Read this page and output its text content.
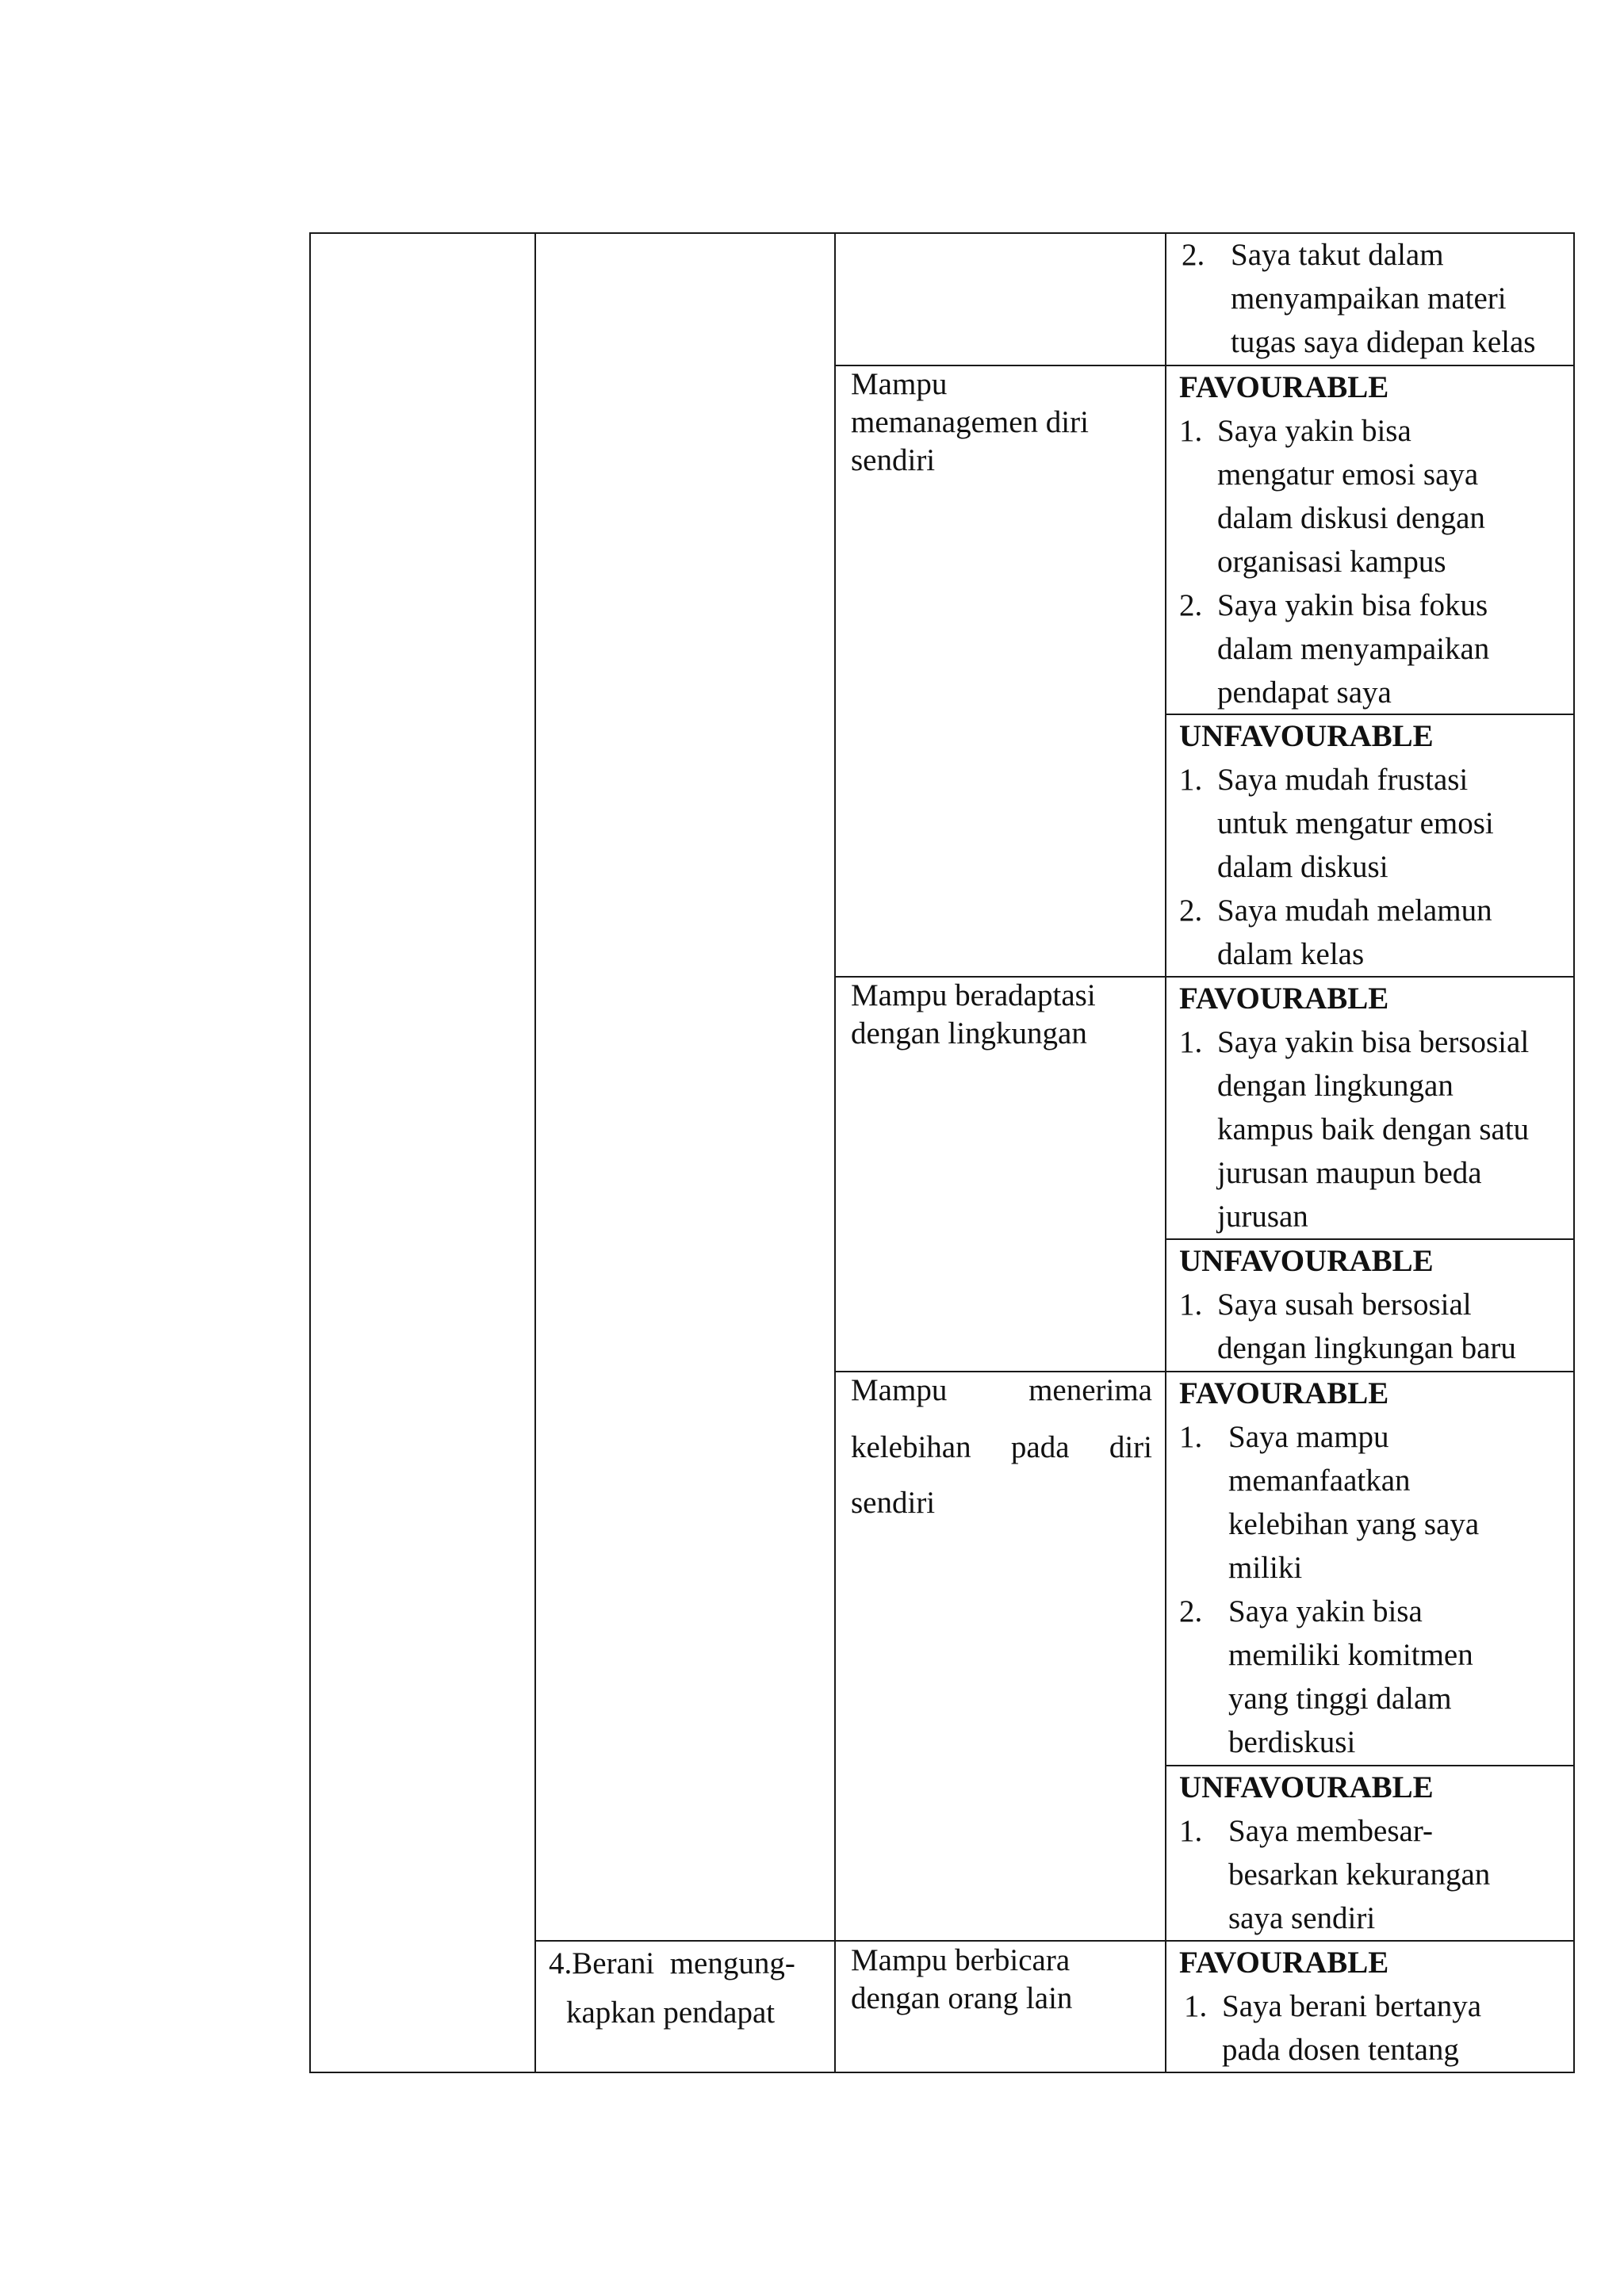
2. Saya takut dalam
menyampaikan materi
tugas saya didepan kelas
Mampu
memanagemen diri
sendiri
FAVOURABLE
1. Saya yakin bisa
mengatur emosi saya
dalam diskusi dengan
organisasi kampus
2. Saya yakin bisa fokus
dalam menyampaikan
pendapat saya
UNFAVOURABLE
1. Saya mudah frustasi
untuk mengatur emosi
dalam diskusi
2. Saya mudah melamun
dalam kelas
Mampu beradaptasi
dengan lingkungan
FAVOURABLE
1. Saya yakin bisa bersosial
dengan lingkungan
kampus baik dengan satu
jurusan maupun beda
jurusan
UNFAVOURABLE
1. Saya susah bersosial
dengan lingkungan baru
Mampu	menerima
kelebihan pada diri
sendiri
FAVOURABLE
1. Saya mampu
memanfaatkan
kelebihan yang saya
miliki
2. Saya yakin bisa
memiliki komitmen
yang tinggi dalam
berdiskusi
UNFAVOURABLE
1. Saya membesar-
besarkan kekurangan
saya sendiri
4.Berani  mengung-
kapkan pendapat
Mampu berbicara
dengan orang lain
FAVOURABLE
1. Saya berani bertanya
pada dosen tentang
